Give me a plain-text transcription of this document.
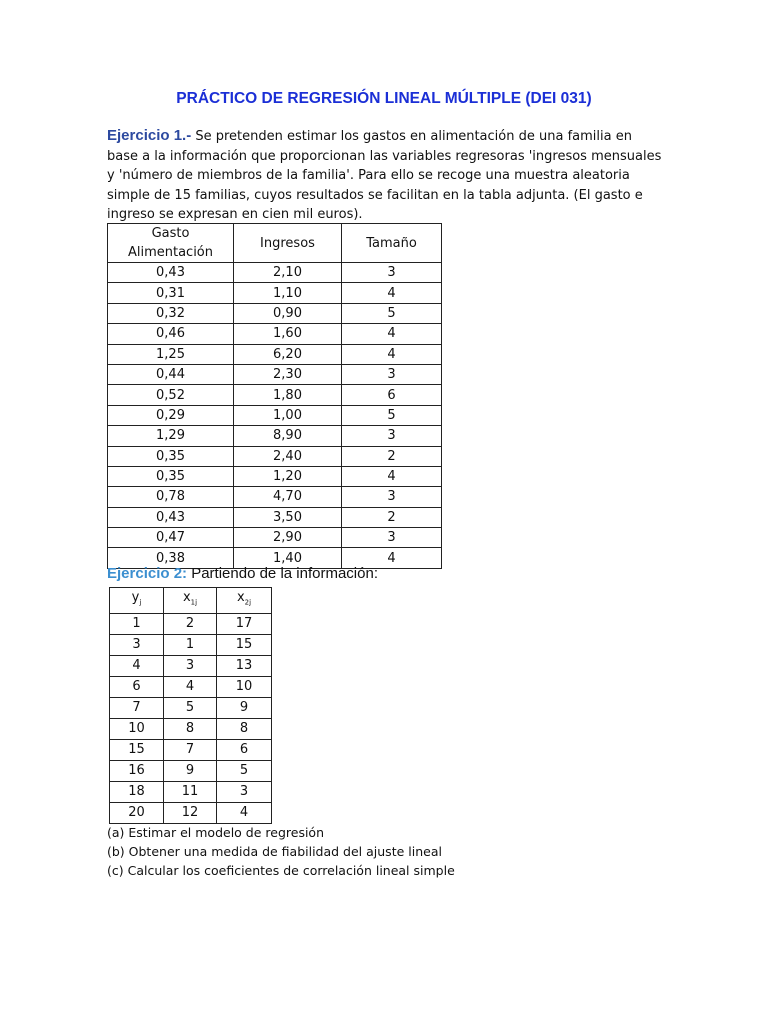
PRÁCTICO DE REGRESIÓN LINEAL MÚLTIPLE (DEI 031)
Ejercicio 1.- Se pretenden estimar los gastos en alimentación de una familia en base a la información que proporcionan las variables regresoras 'ingresos mensuales y 'número de miembros de la familia'. Para ello se recoge una muestra aleatoria simple de 15 familias, cuyos resultados se facilitan en la tabla adjunta. (El gasto e ingreso se expresan en cien mil euros).
Gasto Alimentación	Ingresos	Tamaño
0,43	2,10	3
0,31	1,10	4
0,32	0,90	5
0,46	1,60	4
1,25	6,20	4
0,44	2,30	3
0,52	1,80	6
0,29	1,00	5
1,29	8,90	3
0,35	2,40	2
0,35	1,20	4
0,78	4,70	3
0,43	3,50	2
0,47	2,90	3
0,38	1,40	4
Ejercicio 2: Partiendo de la información:
$y_j$	$x_{1j}$	$x_{2j}$
1	2	17
3	1	15
4	3	13
6	4	10
7	5	9
10	8	8
15	7	6
16	9	5
18	11	3
20	12	4
(a) Estimar el modelo de regresión
(b) Obtener una medida de fiabilidad del ajuste lineal
(c) Calcular los coeficientes de correlación lineal simple
